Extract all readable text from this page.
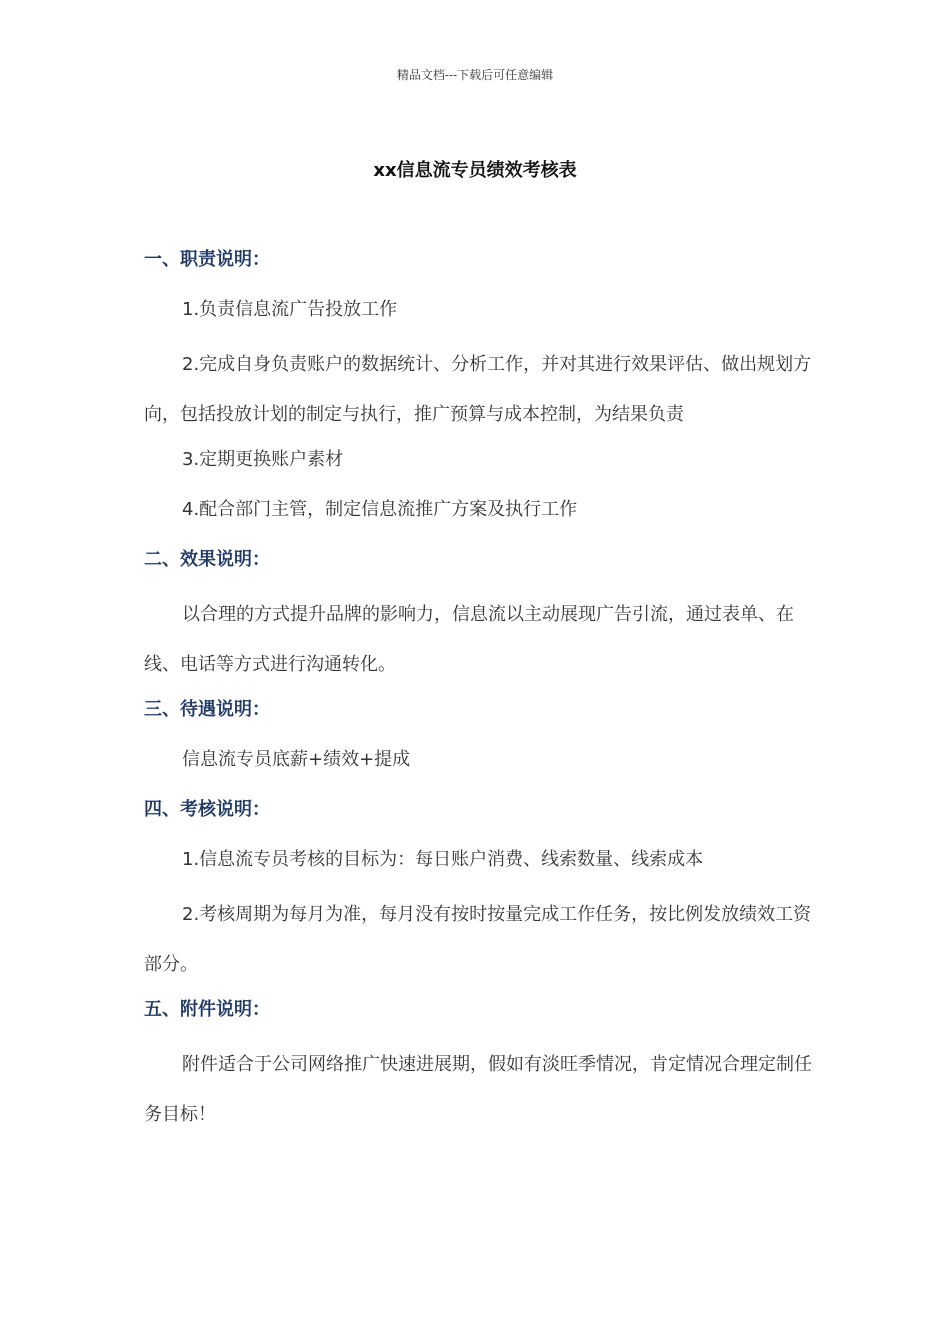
精品文档---下载后可任意编辑
xx信息流专员绩效考核表
一、职责说明：

1.负责信息流广告投放工作

2.完成自身负责账户的数据统计、分析工作，并对其进行效果评估、做出规划方向，包括投放计划的制定与执行，推广预算与成本控制，为结果负责

3.定期更换账户素材

4.配合部门主管，制定信息流推广方案及执行工作

二、效果说明：

以合理的方式提升品牌的影响力，信息流以主动展现广告引流，通过表单、在线、电话等方式进行沟通转化。

三、待遇说明：

信息流专员底薪+绩效+提成

四、考核说明：

1.信息流专员考核的目标为：每日账户消费、线索数量、线索成本

2.考核周期为每月为准，每月没有按时按量完成工作任务，按比例发放绩效工资部分。

五、附件说明：

附件适合于公司网络推广快速进展期，假如有淡旺季情况，肯定情况合理定制任务目标！
